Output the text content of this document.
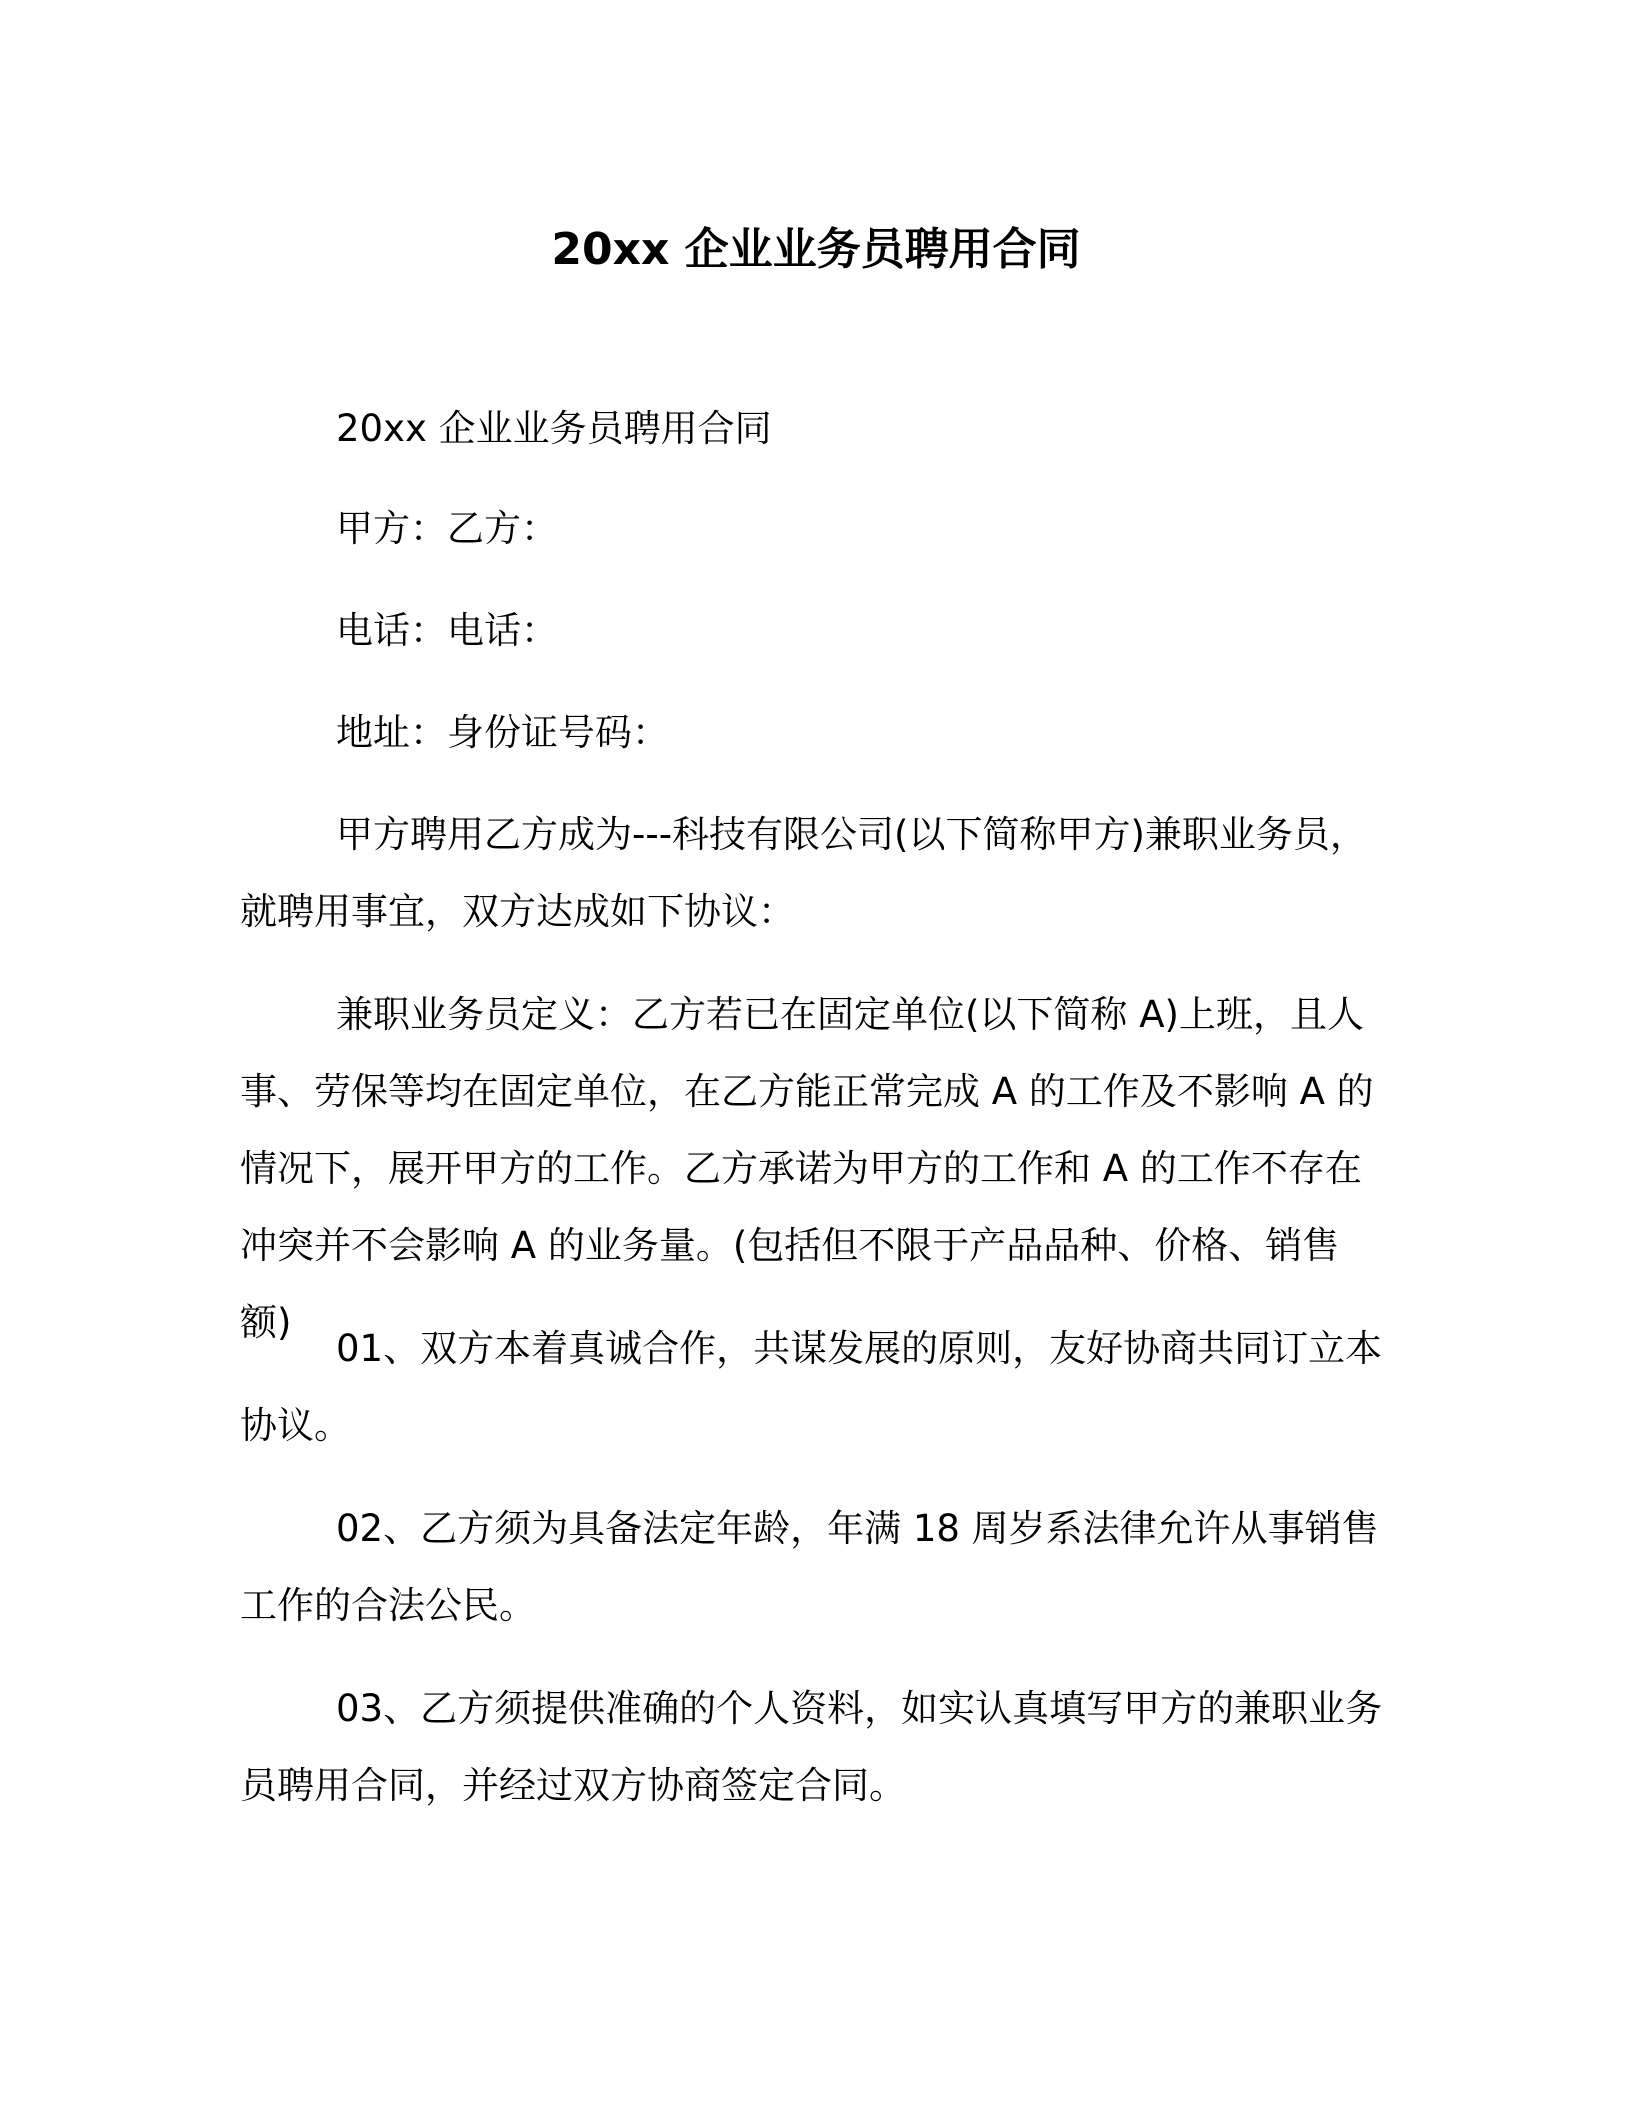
20xx 企业业务员聘用合同

20xx 企业业务员聘用合同

甲方：乙方：

电话：电话：

地址：身份证号码：

甲方聘用乙方成为---科技有限公司(以下简称甲方)兼职业务员，就聘用事宜，双方达成如下协议：

兼职业务员定义：乙方若已在固定单位(以下简称 A)上班，且人事、劳保等均在固定单位，在乙方能正常完成 A 的工作及不影响 A 的情况下，展开甲方的工作。乙方承诺为甲方的工作和 A 的工作不存在冲突并不会影响 A 的业务量。(包括但不限于产品品种、价格、销售额)

01、双方本着真诚合作，共谋发展的原则，友好协商共同订立本协议。

02、乙方须为具备法定年龄，年满 18 周岁系法律允许从事销售工作的合法公民。

03、乙方须提供准确的个人资料，如实认真填写甲方的兼职业务员聘用合同，并经过双方协商签定合同。
